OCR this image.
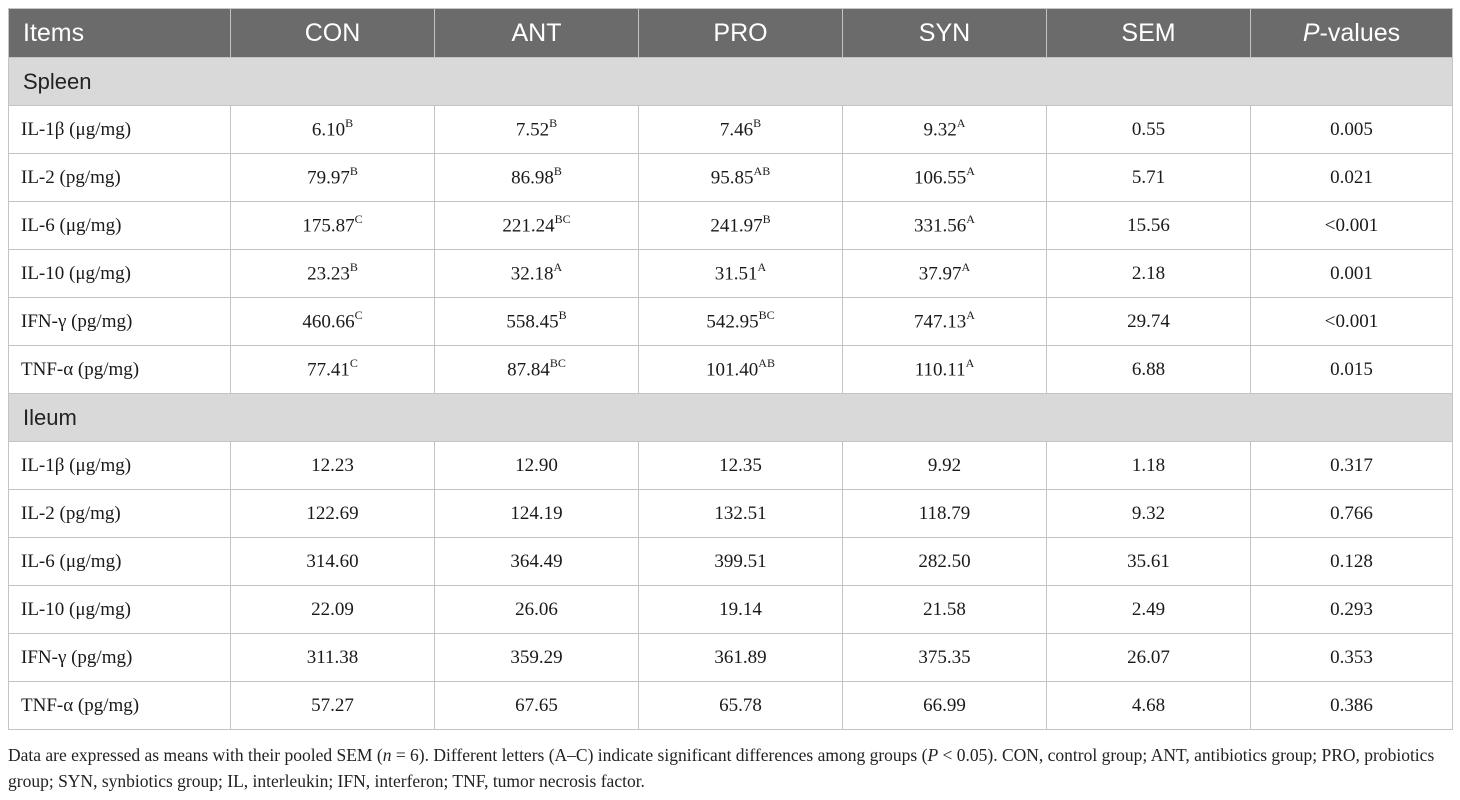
Items	CON	ANT	PRO	SYN	SEM	P-values
Spleen						
IL-1β (μg/mg)	$6.10^B$	$7.52^B$	$7.46^B$	$9.32^A$	0.55	0.005
IL-2 (pg/mg)	$79.97^B$	$86.98^B$	$95.85^{AB}$	$106.55^A$	5.71	0.021
IL-6 (μg/mg)	$175.87^C$	$221.24^{BC}$	$241.97^B$	$331.56^A$	15.56	<0.001
IL-10 (μg/mg)	$23.23^B$	$32.18^A$	$31.51^A$	$37.97^A$	2.18	0.001
IFN-γ (pg/mg)	$460.66^C$	$558.45^B$	$542.95^{BC}$	$747.13^A$	29.74	<0.001
TNF-α (pg/mg)	$77.41^C$	$87.84^{BC}$	$101.40^{AB}$	$110.11^A$	6.88	0.015
Ileum						
IL-1β (μg/mg)	12.23	12.90	12.35	9.92	1.18	0.317
IL-2 (pg/mg)	122.69	124.19	132.51	118.79	9.32	0.766
IL-6 (μg/mg)	314.60	364.49	399.51	282.50	35.61	0.128
IL-10 (μg/mg)	22.09	26.06	19.14	21.58	2.49	0.293
IFN-γ (pg/mg)	311.38	359.29	361.89	375.35	26.07	0.353
TNF-α (pg/mg)	57.27	67.65	65.78	66.99	4.68	0.386

Data are expressed as means with their pooled SEM (n = 6). Different letters (A–C) indicate significant differences among groups (P < 0.05). CON, control group; ANT, antibiotics group; PRO, probiotics group; SYN, synbiotics group; IL, interleukin; IFN, interferon; TNF, tumor necrosis factor.
